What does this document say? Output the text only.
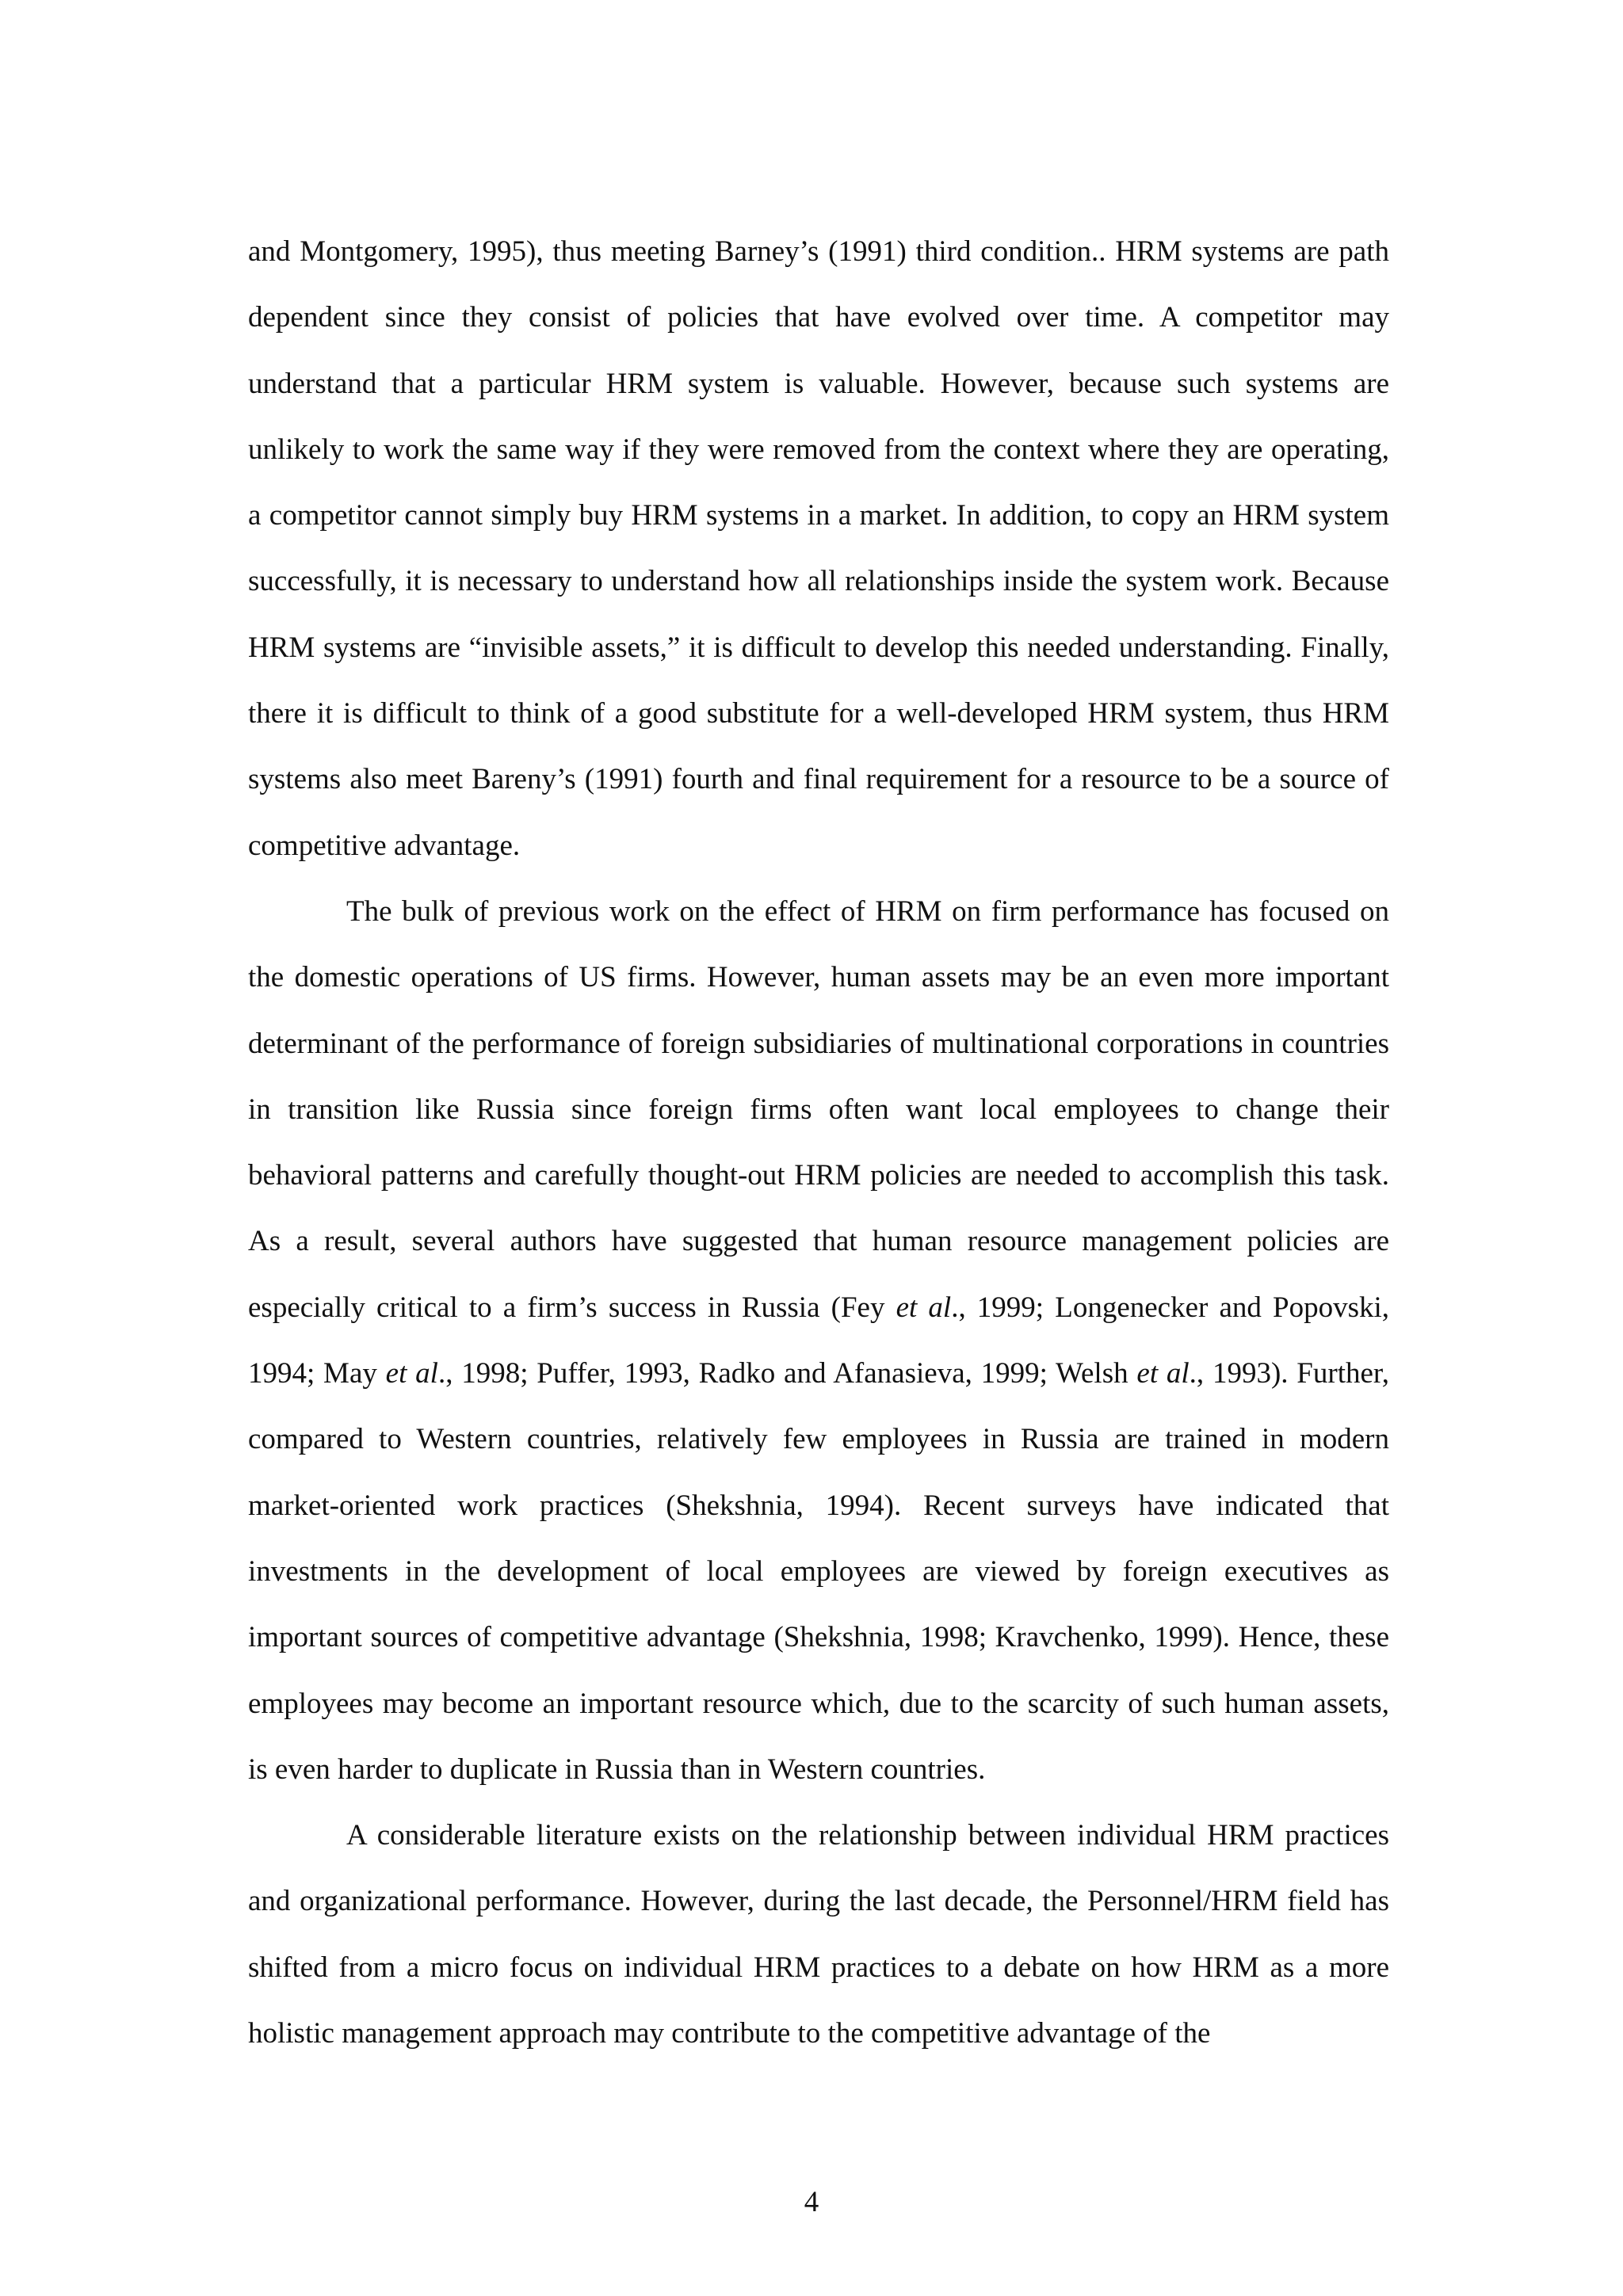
and Montgomery, 1995), thus meeting Barney’s (1991) third condition.. HRM systems are path dependent since they consist of policies that have evolved over time. A competitor may understand that a particular HRM system is valuable. However, because such systems are unlikely to work the same way if they were removed from the context where they are operating, a competitor cannot simply buy HRM systems in a market. In addition, to copy an HRM system successfully, it is necessary to understand how all relationships inside the system work. Because HRM systems are “invisible assets,” it is difficult to develop this needed understanding. Finally, there it is difficult to think of a good substitute for a well-developed HRM system, thus HRM systems also meet Bareny’s (1991) fourth and final requirement for a resource to be a source of competitive advantage.

The bulk of previous work on the effect of HRM on firm performance has focused on the domestic operations of US firms. However, human assets may be an even more important determinant of the performance of foreign subsidiaries of multinational corporations in countries in transition like Russia since foreign firms often want local employees to change their behavioral patterns and carefully thought-out HRM policies are needed to accomplish this task. As a result, several authors have suggested that human resource management policies are especially critical to a firm’s success in Russia (Fey et al., 1999; Longenecker and Popovski, 1994; May et al., 1998; Puffer, 1993, Radko and Afanasieva, 1999; Welsh et al., 1993). Further, compared to Western countries, relatively few employees in Russia are trained in modern market-oriented work practices (Shekshnia, 1994). Recent surveys have indicated that investments in the development of local employees are viewed by foreign executives as important sources of competitive advantage (Shekshnia, 1998; Kravchenko, 1999). Hence, these employees may become an important resource which, due to the scarcity of such human assets, is even harder to duplicate in Russia than in Western countries.

A considerable literature exists on the relationship between individual HRM practices and organizational performance. However, during the last decade, the Personnel/HRM field has shifted from a micro focus on individual HRM practices to a debate on how HRM as a more holistic management approach may contribute to the competitive advantage of the

4
